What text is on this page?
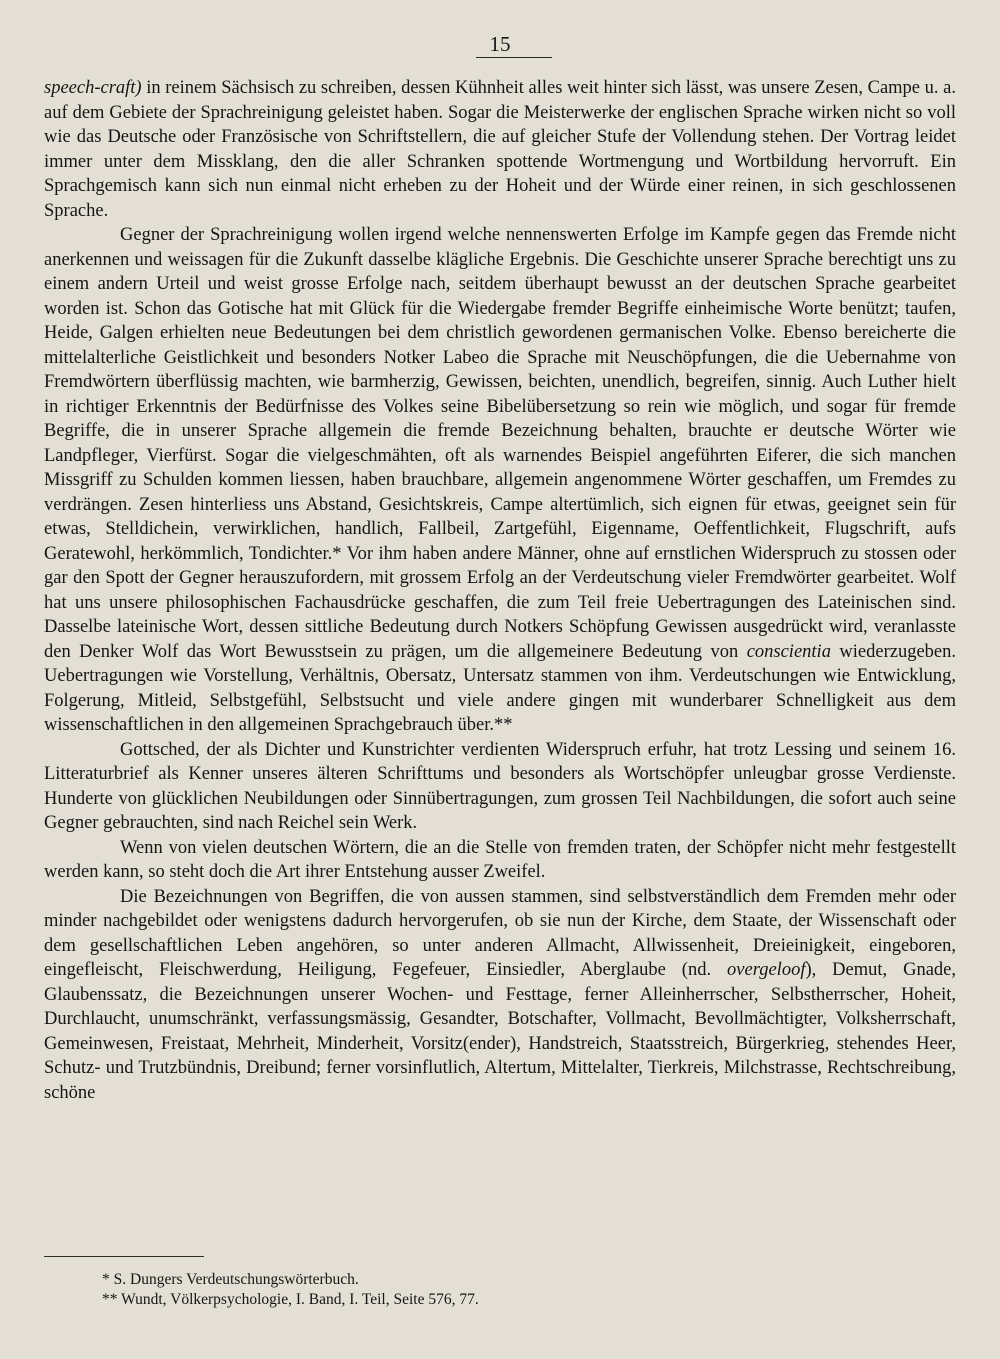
15

speech-craft) in reinem Sächsisch zu schreiben, dessen Kühnheit alles weit hinter sich lässt, was unsere Zesen, Campe u. a. auf dem Gebiete der Sprachreinigung geleistet haben. Sogar die Meisterwerke der englischen Sprache wirken nicht so voll wie das Deutsche oder Französische von Schriftstellern, die auf gleicher Stufe der Vollendung stehen. Der Vortrag leidet immer unter dem Missklang, den die aller Schranken spottende Wortmengung und Wortbildung hervorruft. Ein Sprachgemisch kann sich nun einmal nicht erheben zu der Hoheit und der Würde einer reinen, in sich geschlossenen Sprache.

Gegner der Sprachreinigung wollen irgend welche nennenswerten Erfolge im Kampfe gegen das Fremde nicht anerkennen und weissagen für die Zukunft dasselbe klägliche Ergebnis. Die Geschichte unserer Sprache berechtigt uns zu einem andern Urteil und weist grosse Erfolge nach, seitdem überhaupt bewusst an der deutschen Sprache gearbeitet worden ist. Schon das Gotische hat mit Glück für die Wiedergabe fremder Begriffe einheimische Worte benützt; taufen, Heide, Galgen erhielten neue Bedeutungen bei dem christlich gewordenen germanischen Volke. Ebenso bereicherte die mittelalterliche Geistlichkeit und besonders Notker Labeo die Sprache mit Neuschöpfungen, die die Uebernahme von Fremdwörtern überflüssig machten, wie barmherzig, Gewissen, beichten, unendlich, begreifen, sinnig. Auch Luther hielt in richtiger Erkenntnis der Bedürfnisse des Volkes seine Bibelübersetzung so rein wie möglich, und sogar für fremde Begriffe, die in unserer Sprache allgemein die fremde Bezeichnung behalten, brauchte er deutsche Wörter wie Landpfleger, Vierfürst. Sogar die vielgeschmähten, oft als warnendes Beispiel angeführten Eiferer, die sich manchen Missgriff zu Schulden kommen liessen, haben brauchbare, allgemein angenommene Wörter geschaffen, um Fremdes zu verdrängen. Zesen hinterliess uns Abstand, Gesichtskreis, Campe altertümlich, sich eignen für etwas, geeignet sein für etwas, Stelldichein, verwirklichen, handlich, Fallbeil, Zartgefühl, Eigenname, Oeffentlichkeit, Flugschrift, aufs Geratewohl, herkömmlich, Tondichter.* Vor ihm haben andere Männer, ohne auf ernstlichen Widerspruch zu stossen oder gar den Spott der Gegner herauszufordern, mit grossem Erfolg an der Verdeutschung vieler Fremdwörter gearbeitet. Wolf hat uns unsere philosophischen Fachausdrücke geschaffen, die zum Teil freie Uebertragungen des Lateinischen sind. Dasselbe lateinische Wort, dessen sittliche Bedeutung durch Notkers Schöpfung Gewissen ausgedrückt wird, veranlasste den Denker Wolf das Wort Bewusstsein zu prägen, um die allgemeinere Bedeutung von conscientia wiederzugeben. Uebertragungen wie Vorstellung, Verhältnis, Obersatz, Untersatz stammen von ihm. Verdeutschungen wie Entwicklung, Folgerung, Mitleid, Selbstgefühl, Selbstsucht und viele andere gingen mit wunderbarer Schnelligkeit aus dem wissenschaftlichen in den allgemeinen Sprachgebrauch über.**

Gottsched, der als Dichter und Kunstrichter verdienten Widerspruch erfuhr, hat trotz Lessing und seinem 16. Litteraturbrief als Kenner unseres älteren Schrifttums und besonders als Wortschöpfer unleugbar grosse Verdienste. Hunderte von glücklichen Neubildungen oder Sinnübertragungen, zum grossen Teil Nachbildungen, die sofort auch seine Gegner gebrauchten, sind nach Reichel sein Werk.

Wenn von vielen deutschen Wörtern, die an die Stelle von fremden traten, der Schöpfer nicht mehr festgestellt werden kann, so steht doch die Art ihrer Entstehung ausser Zweifel.

Die Bezeichnungen von Begriffen, die von aussen stammen, sind selbstverständlich dem Fremden mehr oder minder nachgebildet oder wenigstens dadurch hervorgerufen, ob sie nun der Kirche, dem Staate, der Wissenschaft oder dem gesellschaftlichen Leben angehören, so unter anderen Allmacht, Allwissenheit, Dreieinigkeit, eingeboren, eingefleischt, Fleischwerdung, Heiligung, Fegefeuer, Einsiedler, Aberglaube (nd. overgeloof), Demut, Gnade, Glaubenssatz, die Bezeichnungen unserer Wochen- und Festtage, ferner Alleinherrscher, Selbstherrscher, Hoheit, Durchlaucht, unumschränkt, verfassungsmässig, Gesandter, Botschafter, Vollmacht, Bevollmächtigter, Volksherrschaft, Gemeinwesen, Freistaat, Mehrheit, Minderheit, Vorsitz(ender), Handstreich, Staatsstreich, Bürgerkrieg, stehendes Heer, Schutz- und Trutzbündnis, Dreibund; ferner vorsinflutlich, Altertum, Mittelalter, Tierkreis, Milchstrasse, Rechtschreibung, schöne

* S. Dungers Verdeutschungswörterbuch.

** Wundt, Völkerpsychologie, I. Band, I. Teil, Seite 576, 77.
